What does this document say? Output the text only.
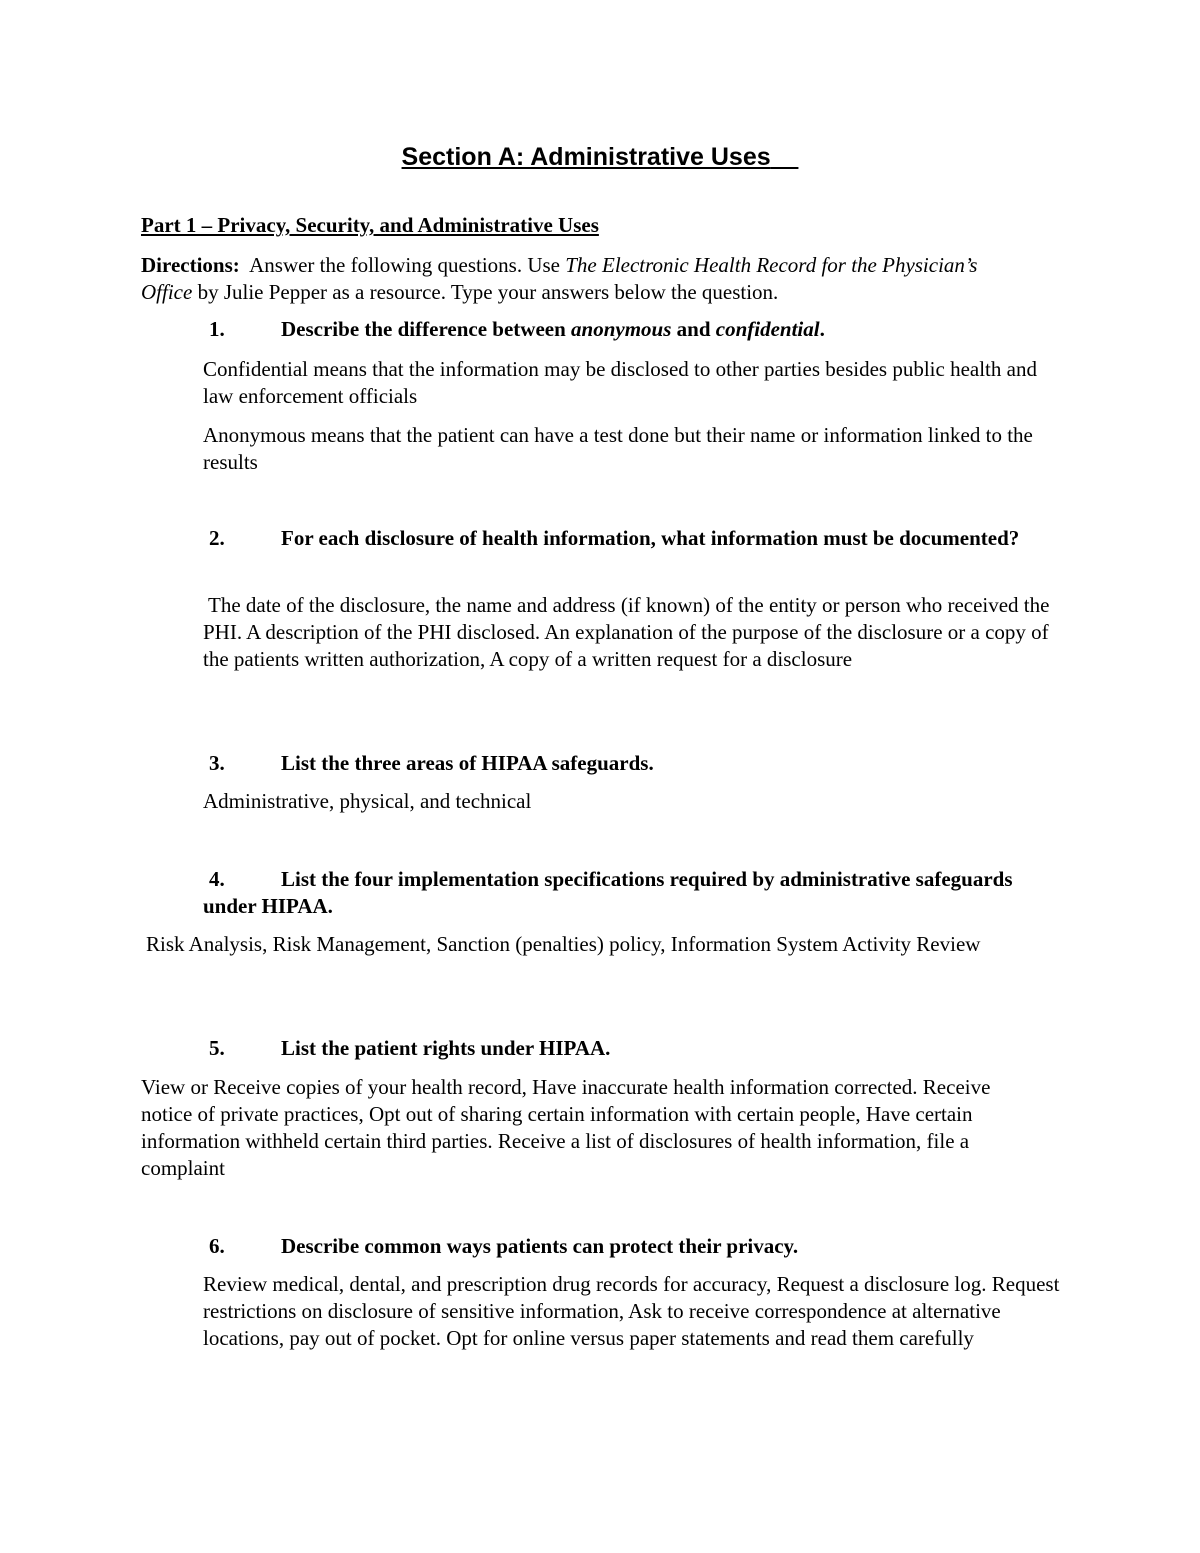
Section A: Administrative Uses
Part 1 – Privacy, Security, and Administrative Uses
Directions: Answer the following questions. Use The Electronic Health Record for the Physician’s Office by Julie Pepper as a resource. Type your answers below the question.
1.	Describe the difference between anonymous and confidential.
Confidential means that the information may be disclosed to other parties besides public health and law enforcement officials
Anonymous means that the patient can have a test done but their name or information linked to the results
2.	For each disclosure of health information, what information must be documented?
The date of the disclosure, the name and address (if known) of the entity or person who received the PHI. A description of the PHI disclosed. An explanation of the purpose of the disclosure or a copy of the patients written authorization, A copy of a written request for a disclosure
3.	List the three areas of HIPAA safeguards.
Administrative, physical, and technical
4.	List the four implementation specifications required by administrative safeguards under HIPAA.
Risk Analysis, Risk Management, Sanction (penalties) policy, Information System Activity Review
5.	List the patient rights under HIPAA.
View or Receive copies of your health record, Have inaccurate health information corrected. Receive notice of private practices, Opt out of sharing certain information with certain people, Have certain information withheld certain third parties. Receive a list of disclosures of health information, file a complaint
6.	Describe common ways patients can protect their privacy.
Review medical, dental, and prescription drug records for accuracy, Request a disclosure log. Request restrictions on disclosure of sensitive information, Ask to receive correspondence at alternative locations, pay out of pocket. Opt for online versus paper statements and read them carefully
